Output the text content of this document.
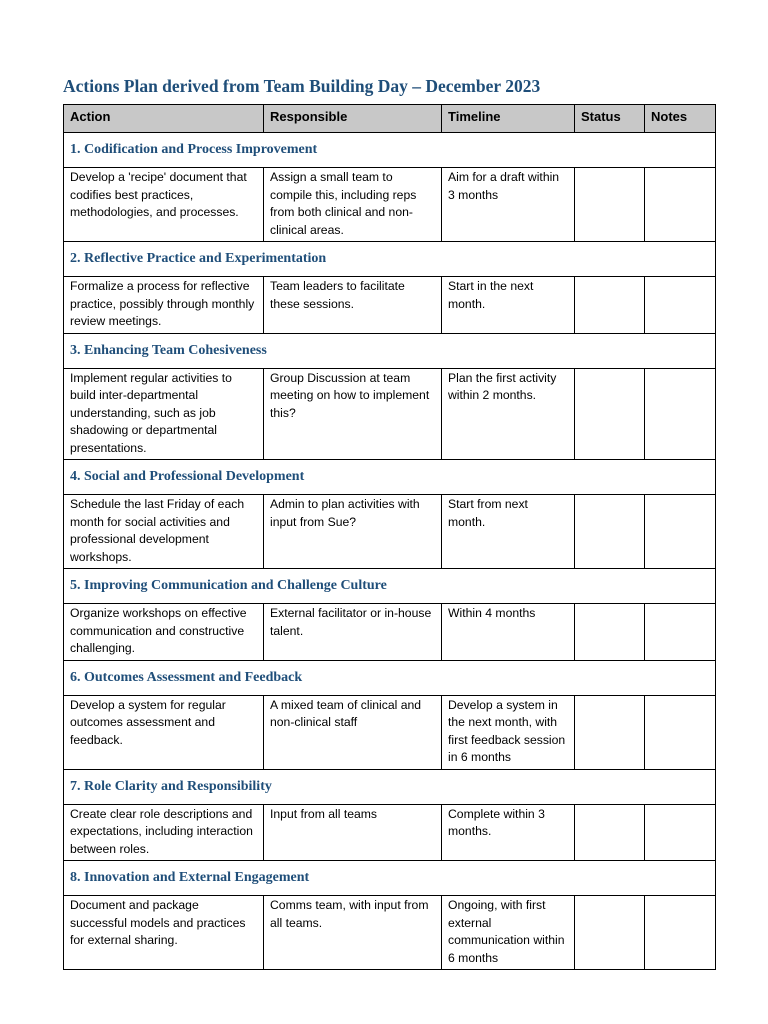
Actions Plan derived from Team Building Day – December 2023
Action	Responsible	Timeline	Status	Notes
1. Codification and Process Improvement				
Develop a 'recipe' document that codifies best practices, methodologies, and processes.	Assign a small team to compile this, including reps from both clinical and non-clinical areas.	Aim for a draft within 3 months		
2. Reflective Practice and Experimentation				
Formalize a process for reflective practice, possibly through monthly review meetings.	Team leaders to facilitate these sessions.	Start in the next month.		
3. Enhancing Team Cohesiveness				
Implement regular activities to build inter-departmental understanding, such as job shadowing or departmental presentations.	Group Discussion at team meeting on how to implement this?	Plan the first activity within 2 months.		
4. Social and Professional Development				
Schedule the last Friday of each month for social activities and professional development workshops.	Admin to plan activities with input from Sue?	Start from next month.		
5. Improving Communication and Challenge Culture				
Organize workshops on effective communication and constructive challenging.	External facilitator or in-house talent.	Within 4 months		
6. Outcomes Assessment and Feedback				
Develop a system for regular outcomes assessment and feedback.	A mixed team of clinical and non-clinical staff	Develop a system in the next month, with first feedback session in 6 months		
7. Role Clarity and Responsibility				
Create clear role descriptions and expectations, including interaction between roles.	Input from all teams	Complete within 3 months.		
8. Innovation and External Engagement				
Document and package successful models and practices for external sharing.	Comms team, with input from all teams.	Ongoing, with first external communication within 6 months		
